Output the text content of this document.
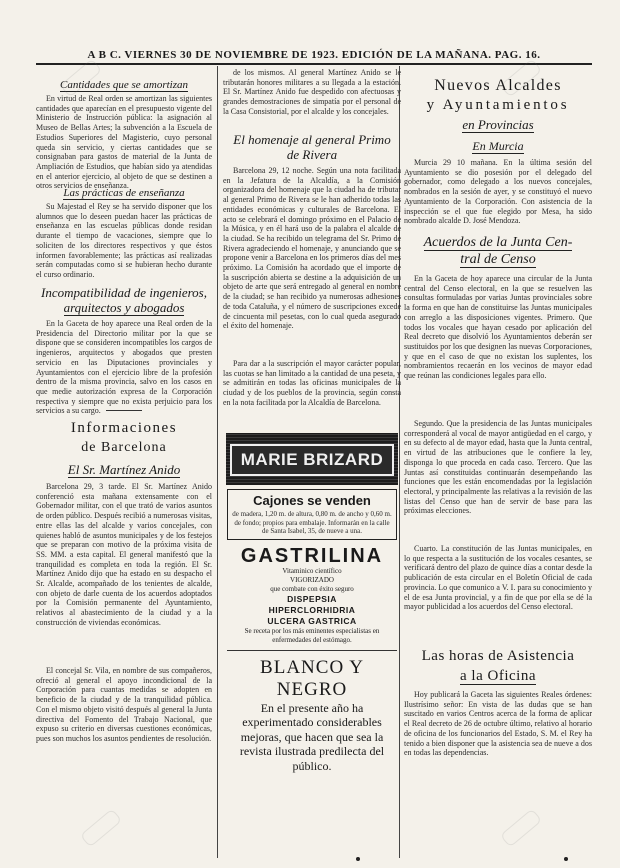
A B C. VIERNES 30 DE NOVIEMBRE DE 1923. EDICIÓN DE LA MAÑANA. PAG. 16.
Cantidades que se amortizan

En virtud de Real orden se amortizan las siguientes cantidades que aparecían en el presupuesto vigente del Ministerio de Instrucción pública: la asignación al Museo de Bellas Artes; la subvención a la Escuela de Estudios Superiores del Magisterio, cuyo personal queda sin servicio, y ciertas cantidades que se consignaban para gastos de material de la Junta de Ampliación de Estudios, que habían sido ya atendidas en el anterior ejercicio, al objeto de que se destinen a otros servicios de enseñanza.

Las prácticas de enseñanza

Su Majestad el Rey se ha servido disponer que los alumnos que lo deseen puedan hacer las prácticas de enseñanza en las escuelas públicas donde residan durante el tiempo de vacaciones, siempre que lo soliciten de los directores respectivos y que éstos informen favorablemente; las prácticas así realizadas serán computadas como si se hubieran hecho durante el curso ordinario.

Incompatibilidad de ingenieros,
arquitectos y abogados

En la Gaceta de hoy aparece una Real orden de la Presidencia del Directorio militar por la que se dispone que se consideren incompatibles los cargos de ingenieros, arquitectos y abogados que presten servicio en las Diputaciones provinciales y Ayuntamientos con el ejercicio libre de la profesión dentro de la misma provincia, salvo en los casos en que medie autorización expresa de la Corporación respectiva y siempre que no exista perjuicio para los servicios a su cargo.

Informaciones
de Barcelona
El Sr. Martínez Anido

Barcelona 29, 3 tarde. El Sr. Martínez Anido conferenció esta mañana extensamente con el Gobernador militar, con el que trató de varios asuntos de orden público. Después recibió a numerosas visitas, entre ellas las del alcalde y varios concejales, con quienes habló de asuntos municipales y de los festejos que se preparan con motivo de la próxima visita de SS. MM. a esta capital. El general manifestó que la tranquilidad es completa en toda la región. El Sr. Martínez Anido dijo que ha estado en su despacho el Sr. Alcalde, acompañado de los tenientes de alcalde, con objeto de darle cuenta de los acuerdos adoptados por la Comisión permanente del Ayuntamiento, relativos al abastecimiento de la ciudad y a la construcción de viviendas económicas.

El concejal Sr. Vila, en nombre de sus compañeros, ofreció al general el apoyo incondicional de la Corporación para cuantas medidas se adopten en beneficio de la ciudad y de la tranquilidad pública. Con el mismo objeto visitó después al general la Junta directiva del Fomento del Trabajo Nacional, que expuso su criterio en diversas cuestiones económicas, pues son muchos los asuntos pendientes de resolución.

de los mismos. Al general Martínez Anido se le tributarán honores militares a su llegada a la estación. El Sr. Martínez Anido fue despedido con afectuosas y grandes demostraciones de simpatía por el personal de la Casa Consistorial, por el alcalde y los concejales.

El homenaje al general Primo
de Rivera

Barcelona 29, 12 noche. Según una nota facilitada en la Jefatura de la Alcaldía, a la Comisión organizadora del homenaje que la ciudad ha de tributar al general Primo de Rivera se le han adherido todas las entidades económicas y culturales de Barcelona. El acto se celebrará el domingo próximo en el Palacio de la Música, y en él hará uso de la palabra el alcalde de la ciudad. Se ha recibido un telegrama del Sr. Primo de Rivera agradeciendo el homenaje, y anunciando que se propone venir a Barcelona en los primeros días del mes próximo. La Comisión ha acordado que el importe de la suscripción abierta se destine a la adquisición de un objeto de arte que será entregado al general en nombre de la ciudad; se han recibido ya numerosas adhesiones de toda Cataluña, y el número de suscripciones excede de cincuenta mil pesetas, con lo cual queda asegurado el éxito del homenaje.

Para dar a la suscripción el mayor carácter popular, las cuotas se han limitado a la cantidad de una peseta, y se admitirán en todas las oficinas municipales de la ciudad y de los pueblos de la provincia, según consta en la nota facilitada por la Alcaldía de Barcelona.

MARIE BRIZARD
Cajones se venden
de madera, 1,20 m. de altura, 0,80 m. de ancho y 0,60 m. de fondo; propios para embalaje. Informarán en la calle de Santa Isabel, 35, de nueve a una.
GASTRILINA
Vitaminico científico
VIGORIZADO
que combate con éxito seguro
DISPEPSIA
HIPERCLORHIDRIA
ULCERA GASTRICA
Se receta por los más eminentes especialistas en enfermedades del estómago.
BLANCO Y NEGRO
En el presente año ha experimentado considerables mejoras, que hacen que sea la revista ilustrada predilecta del público.
Nuevos Alcaldes
y Ayuntamientos
en Provincias
En Murcia

Murcia 29 10 mañana. En la última sesión del Ayuntamiento se dio posesión por el delegado del gobernador, como delegado a los nuevos concejales, nombrados en la sesión de ayer, y se constituyó el nuevo Ayuntamiento de la Corporación. Con asistencia de la inspección se el que fue elegido por Mesa, ha sido nombrado alcalde D. José Mendoza.

Acuerdos de la Junta Cen-
tral de Censo

En la Gaceta de hoy aparece una circular de la Junta central del Censo electoral, en la que se resuelven las consultas formuladas por varias Juntas provinciales sobre la forma en que han de constituirse las Juntas municipales con arreglo a las disposiciones vigentes. Primero. Que todos los vocales que hayan cesado por aplicación del Real decreto que disolvió los Ayuntamientos deberán ser sustituidos por los que designen las nuevas Corporaciones, y que en el caso de que no existan los suplentes, los nombramientos recaerán en los vecinos de mayor edad que reúnan las condiciones legales para ello.

Segundo. Que la presidencia de las Juntas municipales corresponderá al vocal de mayor antigüedad en el cargo, y en su defecto al de mayor edad, hasta que la Junta central, en virtud de las atribuciones que le confiere la ley, disponga lo que proceda en cada caso. Tercero. Que las Juntas así constituidas continuarán desempeñando las funciones que les están encomendadas por la legislación electoral, y principalmente las relativas a la revisión de las listas del Censo que han de servir de base para las próximas elecciones.

Cuarto. La constitución de las Juntas municipales, en lo que respecta a la sustitución de los vocales cesantes, se verificará dentro del plazo de quince días a contar desde la publicación de esta circular en el Boletín Oficial de cada provincia. Lo que comunico a V. I. para su conocimiento y el de esa Junta provincial, y a fin de que por ella se dé la mayor publicidad a los acuerdos del Censo electoral.

Las horas de Asistencia
a la Oficina

Hoy publicará la Gaceta las siguientes Reales órdenes: Ilustrísimo señor: En vista de las dudas que se han suscitado en varios Centros acerca de la forma de aplicar el Real decreto de 26 de octubre último, relativo al horario de oficina de los funcionarios del Estado, S. M. el Rey ha tenido a bien disponer que la asistencia sea de nueve a dos en todas las dependencias.
